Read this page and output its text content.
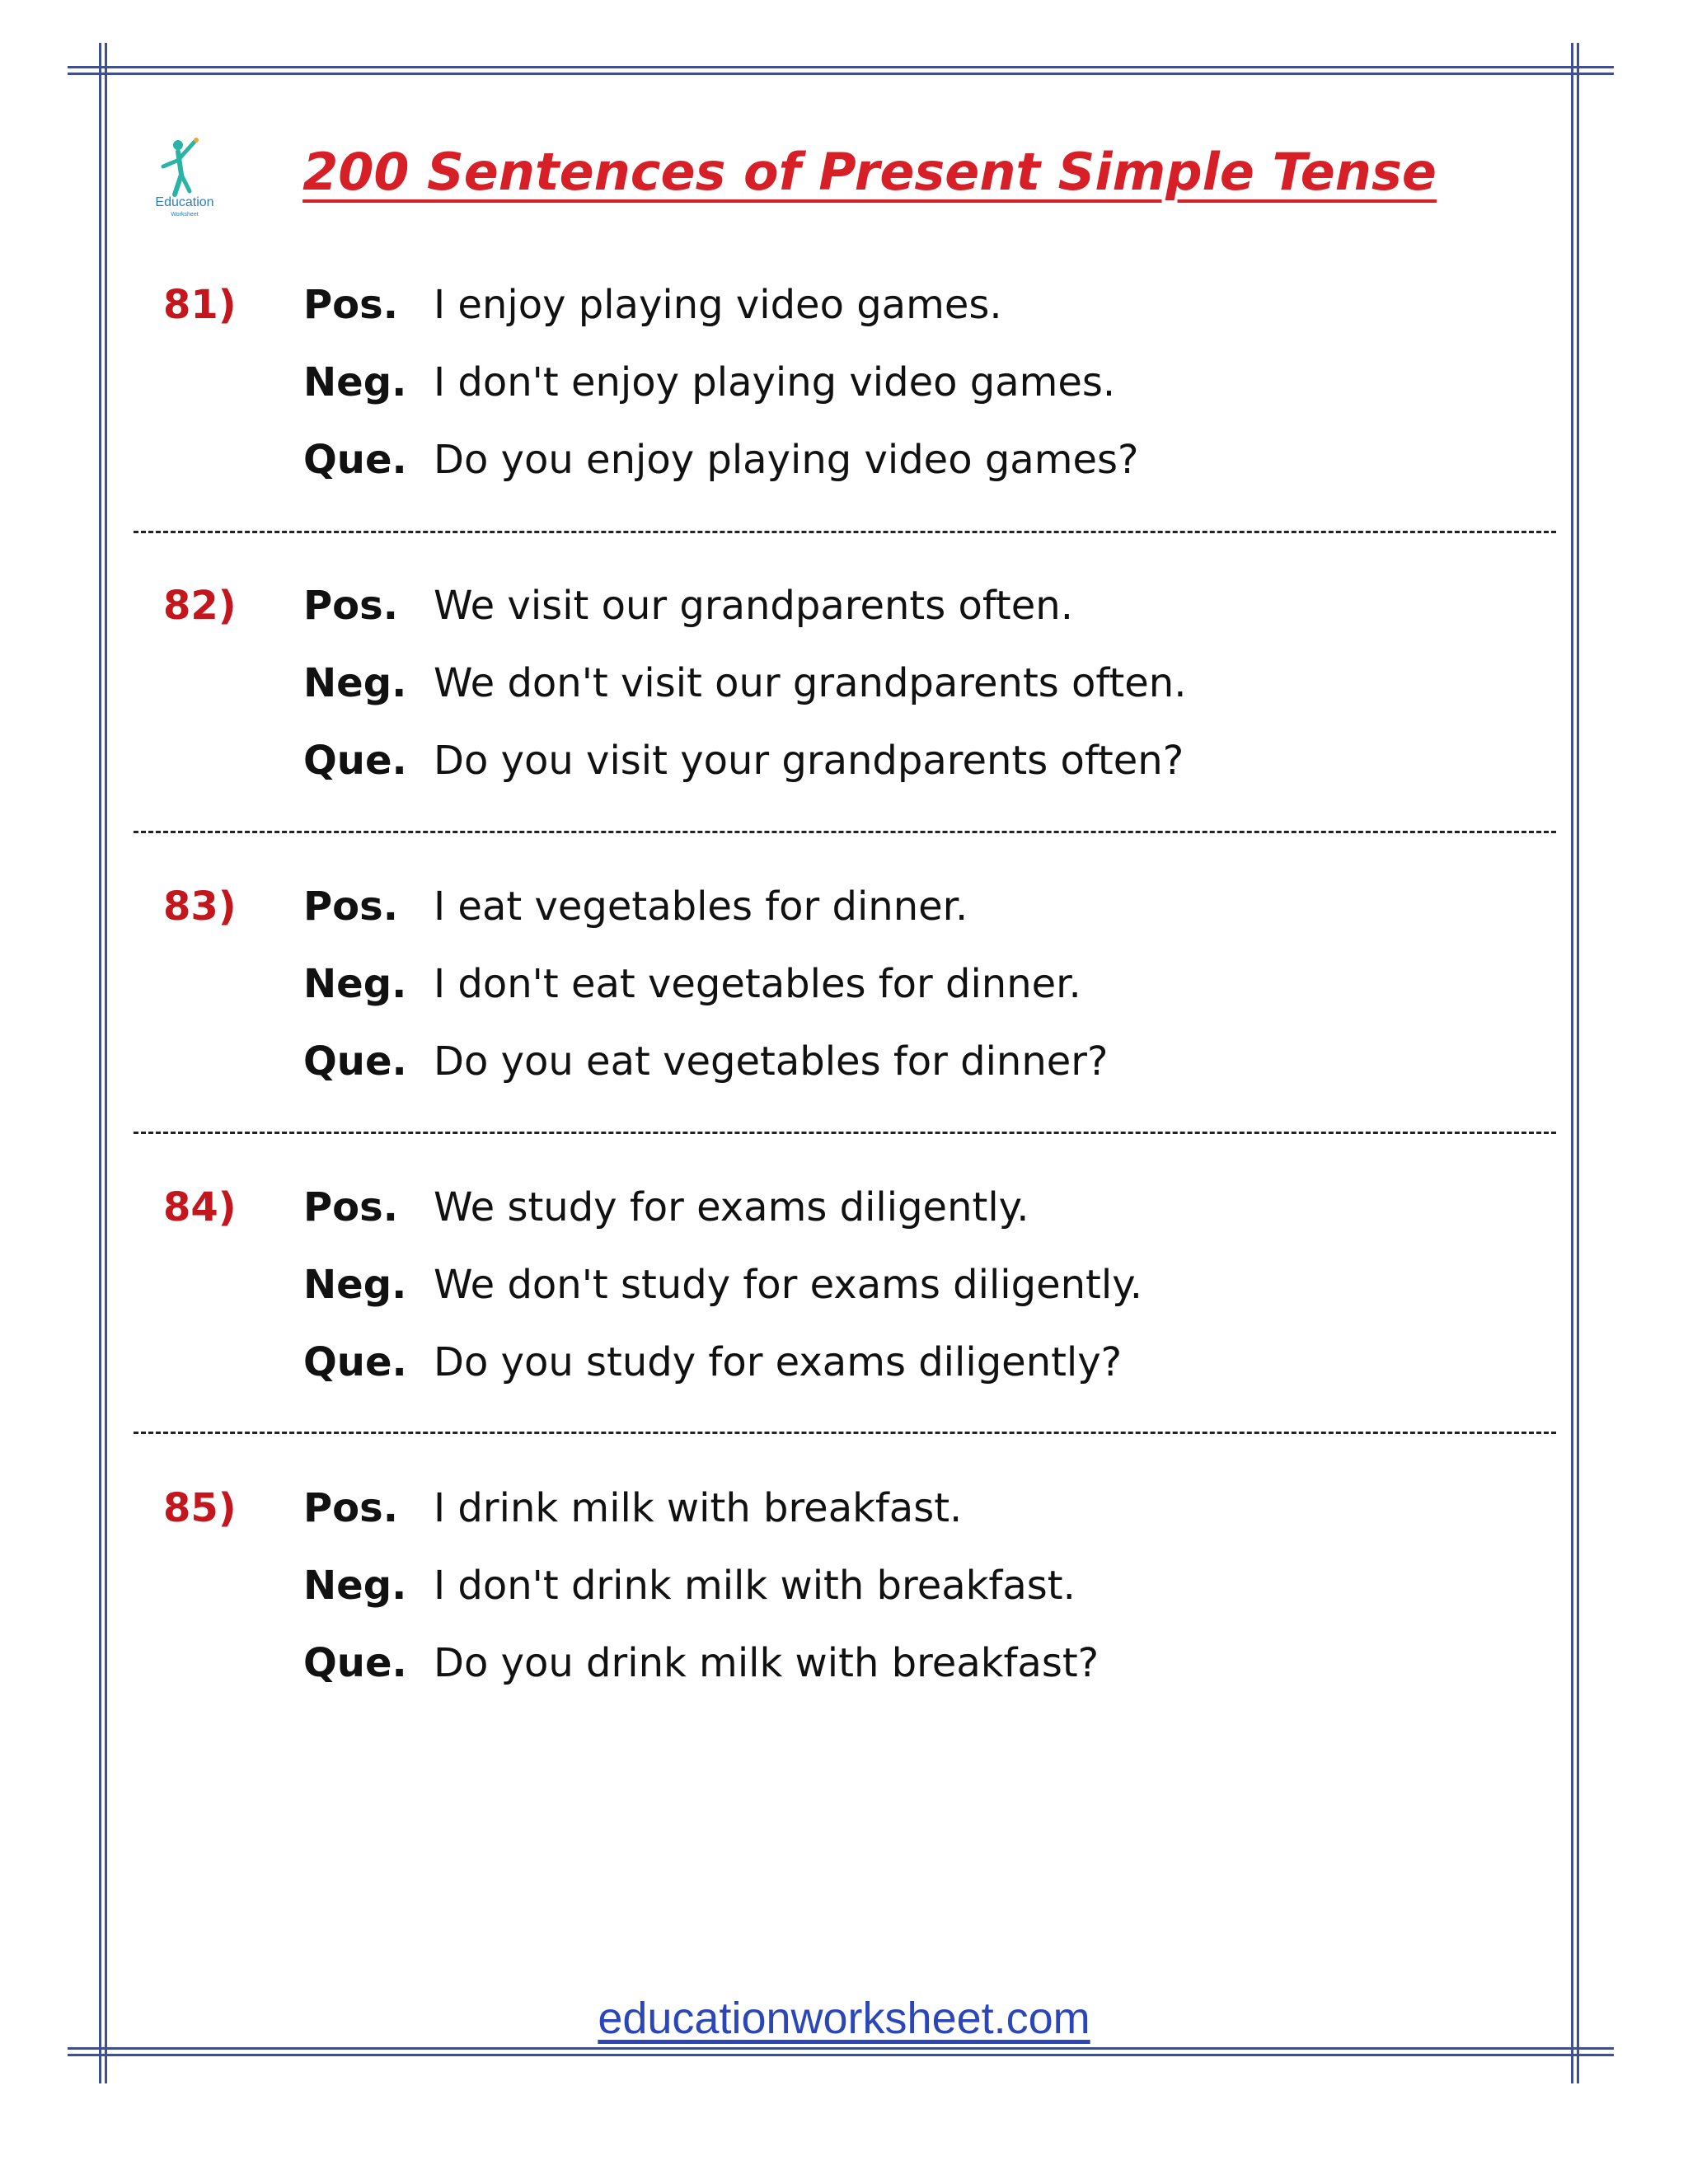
Education
Worksheet
200 Sentences of Present Simple Tense
81) Pos. I enjoy playing video games.
Neg. I don't enjoy playing video games.
Que. Do you enjoy playing video games?
82) Pos. We visit our grandparents often.
Neg. We don't visit our grandparents often.
Que. Do you visit your grandparents often?
83) Pos. I eat vegetables for dinner.
Neg. I don't eat vegetables for dinner.
Que. Do you eat vegetables for dinner?
84) Pos. We study for exams diligently.
Neg. We don't study for exams diligently.
Que. Do you study for exams diligently?
85) Pos. I drink milk with breakfast.
Neg. I don't drink milk with breakfast.
Que. Do you drink milk with breakfast?
educationworksheet.com
